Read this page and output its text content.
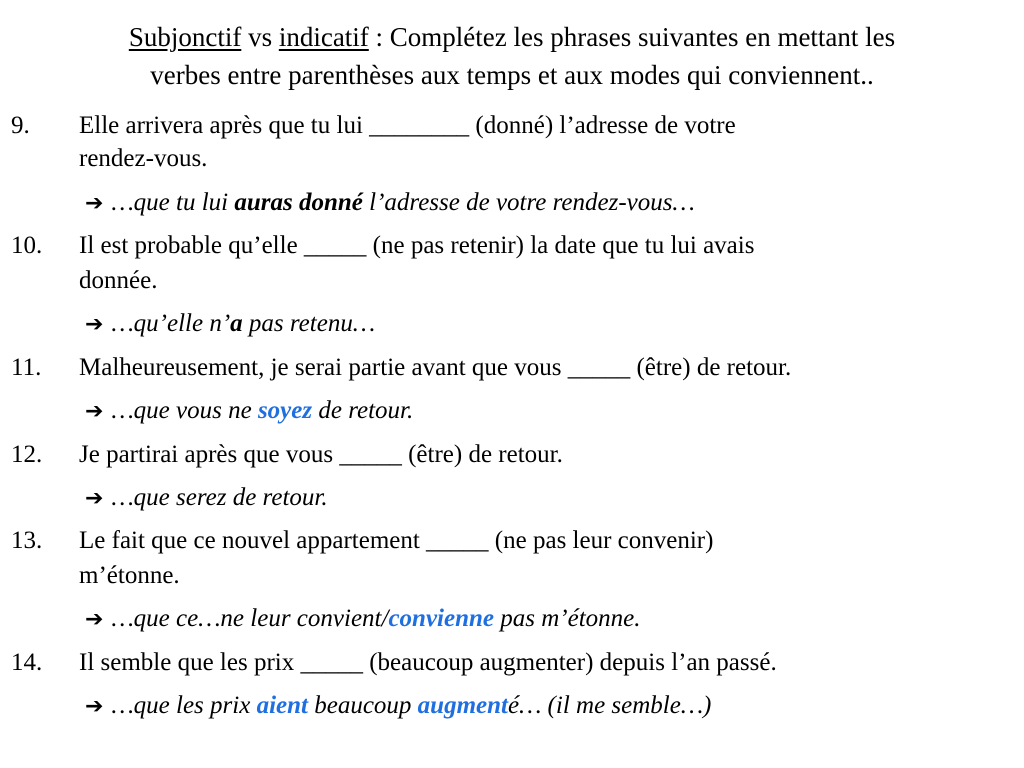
Subjonctif vs indicatif : Complétez les phrases suivantes en mettant les
verbes entre parenthèses aux temps et aux modes qui conviennent..
9. Elle arrivera après que tu lui ________ (donné) l’adresse de votre
rendez-vous.
➔ …que tu lui auras donné l’adresse de votre rendez-vous…
10. Il est probable qu’elle _____ (ne pas retenir) la date que tu lui avais
donnée.
➔ …qu’elle n’a pas retenu…
11. Malheureusement, je serai partie avant que vous _____ (être) de retour.
➔ …que vous ne soyez de retour.
12. Je partirai après que vous _____ (être) de retour.
➔ …que serez de retour.
13. Le fait que ce nouvel appartement _____ (ne pas leur convenir)
m’étonne.
➔ …que ce…ne leur convient/convienne pas m’étonne.
14. Il semble que les prix _____ (beaucoup augmenter) depuis l’an passé.
➔ …que les prix aient beaucoup augmenté… (il me semble…)
